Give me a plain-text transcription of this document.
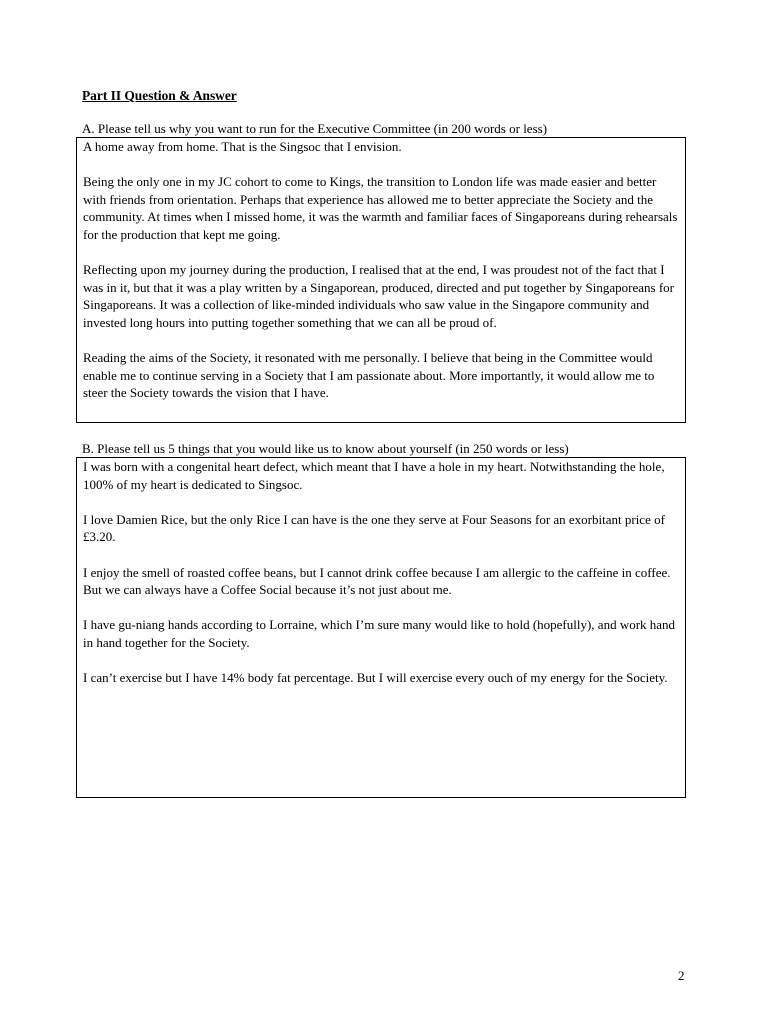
Part II Question & Answer
A. Please tell us why you want to run for the Executive Committee (in 200 words or less)

A home away from home. That is the Singsoc that I envision.

Being the only one in my JC cohort to come to Kings, the transition to London life was made easier and better with friends from orientation. Perhaps that experience has allowed me to better appreciate the Society and the community. At times when I missed home, it was the warmth and familiar faces of Singaporeans during rehearsals for the production that kept me going.

Reflecting upon my journey during the production, I realised that at the end, I was proudest not of the fact that I was in it, but that it was a play written by a Singaporean, produced, directed and put together by Singaporeans for Singaporeans. It was a collection of like-minded individuals who saw value in the Singapore community and invested long hours into putting together something that we can all be proud of.

Reading the aims of the Society, it resonated with me personally. I believe that being in the Committee would enable me to continue serving in a Society that I am passionate about. More importantly, it would allow me to steer the Society towards the vision that I have.

B. Please tell us 5 things that you would like us to know about yourself (in 250 words or less)

I was born with a congenital heart defect, which meant that I have a hole in my heart. Notwithstanding the hole, 100% of my heart is dedicated to Singsoc.

I love Damien Rice, but the only Rice I can have is the one they serve at Four Seasons for an exorbitant price of £3.20.

I enjoy the smell of roasted coffee beans, but I cannot drink coffee because I am allergic to the caffeine in coffee. But we can always have a Coffee Social because it’s not just about me.

I have gu-niang hands according to Lorraine, which I’m sure many would like to hold (hopefully), and work hand in hand together for the Society.

I can’t exercise but I have 14% body fat percentage. But I will exercise every ouch of my energy for the Society.

2
